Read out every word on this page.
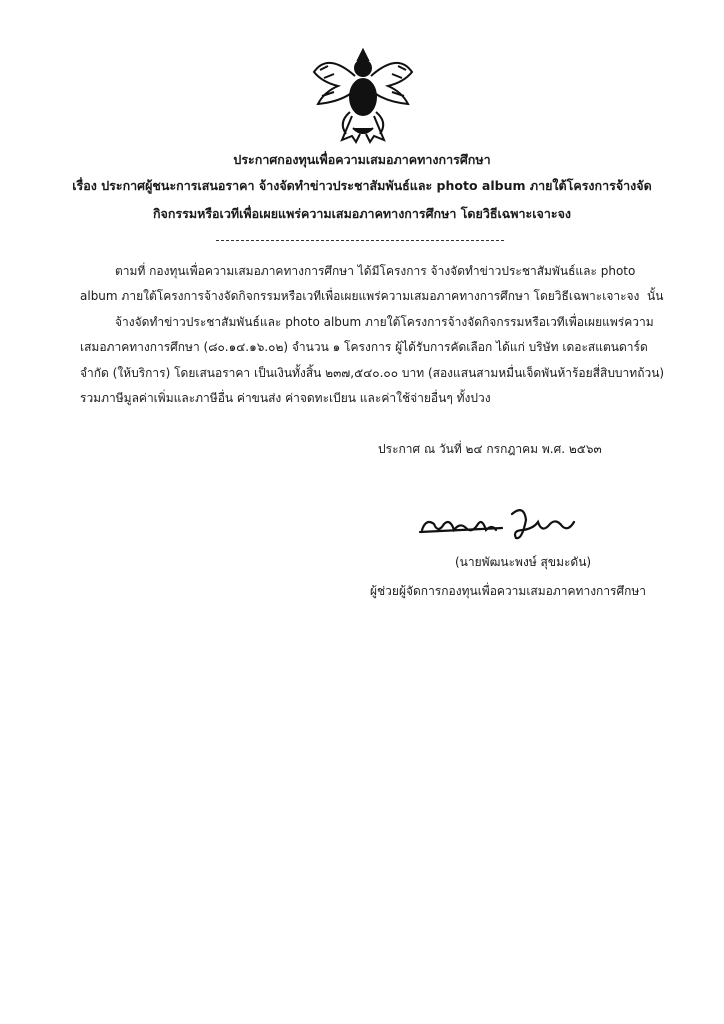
ประกาศกองทุนเพื่อความเสมอภาคทางการศึกษา
เรื่อง ประกาศผู้ชนะการเสนอราคา จ้างจัดทำข่าวประชาสัมพันธ์และ photo album ภายใต้โครงการจ้างจัด
กิจกรรมหรือเวทีเพื่อเผยแพร่ความเสมอภาคทางการศึกษา โดยวิธีเฉพาะเจาะจง
ตามที่ กองทุนเพื่อความเสมอภาคทางการศึกษา ได้มีโครงการ จ้างจัดทำข่าวประชาสัมพันธ์และ photo
album ภายใต้โครงการจ้างจัดกิจกรรมหรือเวทีเพื่อเผยแพร่ความเสมอภาคทางการศึกษา โดยวิธีเฉพาะเจาะจง  นั้น
จ้างจัดทำข่าวประชาสัมพันธ์และ photo album ภายใต้โครงการจ้างจัดกิจกรรมหรือเวทีเพื่อเผยแพร่ความ
เสมอภาคทางการศึกษา (๘๐.๑๔.๑๖.๐๒) จำนวน ๑ โครงการ ผู้ได้รับการคัดเลือก ได้แก่ บริษัท เดอะสแตนดาร์ด
จำกัด (ให้บริการ) โดยเสนอราคา เป็นเงินทั้งสิ้น ๒๓๗,๕๔๐.๐๐ บาท (สองแสนสามหมื่นเจ็ดพันห้าร้อยสี่สิบบาทถ้วน)
รวมภาษีมูลค่าเพิ่มและภาษีอื่น ค่าขนส่ง ค่าจดทะเบียน และค่าใช้จ่ายอื่นๆ ทั้งปวง
ประกาศ ณ วันที่ ๒๔ กรกฎาคม พ.ศ. ๒๕๖๓
(นายพัฒนะพงษ์ สุขมะดัน)
ผู้ช่วยผู้จัดการกองทุนเพื่อความเสมอภาคทางการศึกษา
